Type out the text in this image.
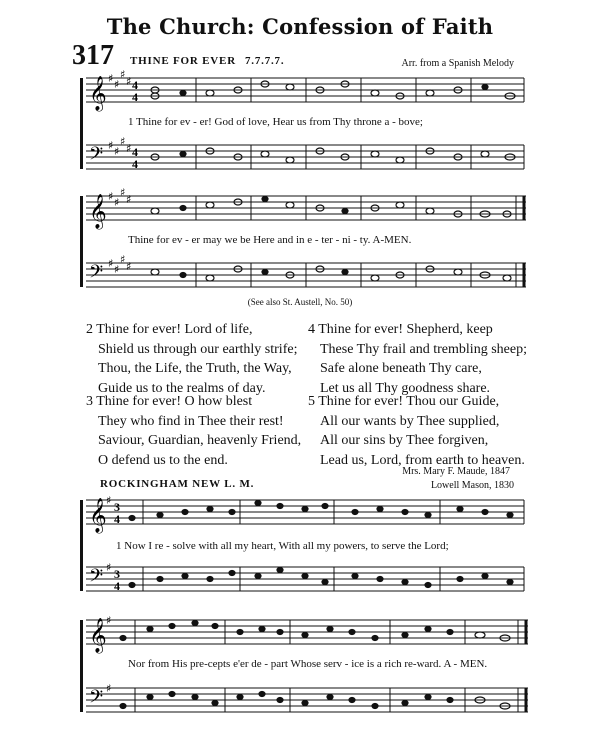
The Church: Confession of Faith
317 THINE FOR EVER 7.7.7.7.	Arr. from a Spanish Melody
𝄞
𝄢
♯ ♯
♯
♯
♯ ♯
♯
♯
4
4
4
4
1 Thine for ev - er! God of love, Hear us from Thy throne a - bove;
𝄞
𝄢
♯ ♯
♯
♯
♯ ♯
♯
♯
Thine for ev - er may we be Here and in e - ter - ni - ty. A-MEN.
(See also St. Austell, No. 50)
2 Thine for ever! Lord of life,
Shield us through our earthly strife;
Thou, the Life, the Truth, the Way,
Guide us to the realms of day.
3 Thine for ever! O how blest
They who find in Thee their rest!
Saviour, Guardian, heavenly Friend,
O defend us to the end.
4 Thine for ever! Shepherd, keep
These Thy frail and trembling sheep;
Safe alone beneath Thy care,
Let us all Thy goodness share.
5 Thine for ever! Thou our Guide,
All our wants by Thee supplied,
All our sins by Thee forgiven,
Lead us, Lord, from earth to heaven.
Mrs. Mary F. Maude, 1847
ROCKINGHAM NEW L. M.	Lowell Mason, 1830
𝄞
𝄢
♯
♯
3
4
3
4
1 Now I re - solve with all my heart, With all my powers, to serve the Lord;
𝄞
𝄢
♯
♯
Nor from His pre-cepts e'er de - part Whose serv - ice is a rich re-ward. A - MEN.
